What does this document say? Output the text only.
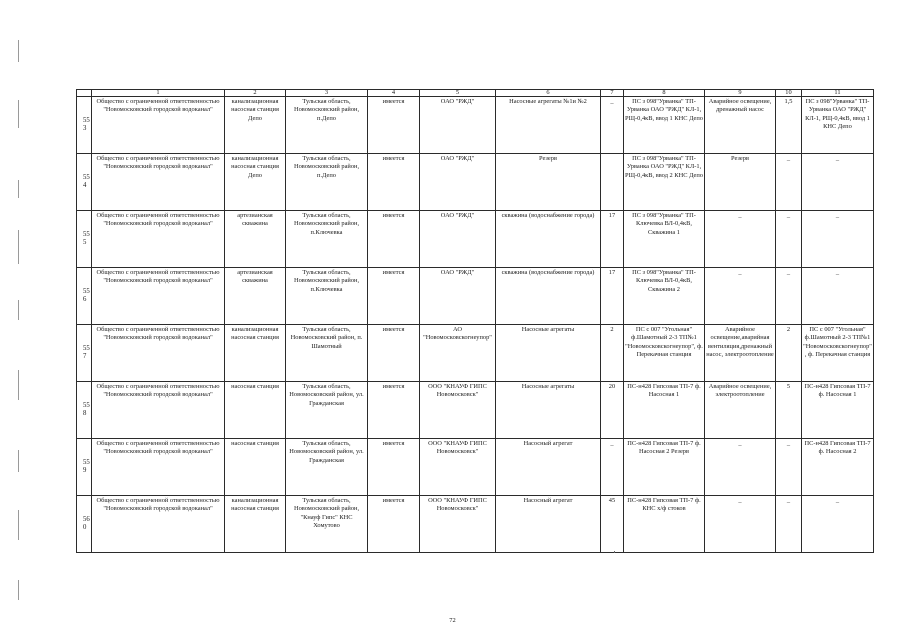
	1	2	3	4	5	6	7	8	9	10	11
553	Общество с ограниченной ответственностью "Новомосковский городской водоканал"	канализационная насосная станция Депо	Тульская область, Новомосковский район, п.Депо	имеется	ОАО "РЖД"	Насосные агрегаты №1и №2	_	ПС з 098"Урванка" ТП-Урванка ОАО "РЖД" КЛ-1, РЩ-0,4кВ, ввод 1 КНС Депо	Аварийное освещение, дренажный насос	1,5	ПС з 098"Урванка" ТП-Урванка ОАО "РЖД" КЛ-1, РЩ-0,4кВ, ввод 1 КНС Депо
554	Общество с ограниченной ответственностью "Новомосковский городской водоканал"	канализационная насосная станция Депо	Тульская область, Новомосковский район, п.Депо	имеется	ОАО "РЖД"	Резерв		ПС з 098"Урванка" ТП-Урванка ОАО "РЖД" КЛ-1, РЩ-0,4кВ, ввод 2 КНС Депо	Резерв	_	_
555	Общество с ограниченной ответственностью "Новомосковский городской водоканал"	артезианская скважина	Тульская область, Новомосковский район, п.Ключевка	имеется	ОАО "РЖД"	скважина (водоснабжение города)	17	ПС з 098"Урванка" ТП-Ключевка ВЛ-0,4кВ, Скважина 1	_	_	_
556	Общество с ограниченной ответственностью "Новомосковский городской водоканал"	артезианская скважина	Тульская область, Новомосковский район, п.Ключевка	имеется	ОАО "РЖД"	скважина (водоснабжение города)	17	ПС з 098"Урванка" ТП-Ключевка ВЛ-0,4кВ, Скважина 2	_	_	_
557	Общество с ограниченной ответственностью "Новомосковский городской водоканал"	канализационная насосная станция	Тульская область, Новомосковский район, п. Шамотный	имеется	АО "Новомосковскогнеупор"	Насосные агрегаты	2	ПС с 007 "Угольная" ф.Шамотный 2-3 ТП№1 "Новомосковскогнеупор", ф. Перекачная станция	Аварийное освещение,аварийная вентиляция,дренажный насос, электроотопление	2	ПС с 007 "Угольная" ф.Шамотный 2-3 ТП№1 "Новомосковскогнеупор", ф. Перекачная станция
558	Общество с ограниченной ответственностью "Новомосковский городской водоканал"	насосная станция	Тульская область, Новомосковский район, ул. Гражданская	имеется	ООО "КНАУФ ГИПС Новомосковск"	Насосные агрегаты	20	ПС-н428 Гипсовая ТП-7 ф. Насосная 1	Аварийное освещение, электроотопление	5	ПС-н428 Гипсовая ТП-7 ф. Насосная 1
559	Общество с ограниченной ответственностью "Новомосковский городской водоканал"	насосная станция	Тульская область, Новомосковский район, ул. Гражданская	имеется	ООО "КНАУФ ГИПС Новомосковск"	Насосный агрегат	_	ПС-н428 Гипсовая ТП-7 ф. Насосная 2 Резерв	_	_	ПС-н428 Гипсовая ТП-7 ф. Насосная 2
560	Общество с ограниченной ответственностью "Новомосковский городской водоканал"	канализационная насосная станция	Тульская область, Новомосковский район, "Кнауф Гипс" КНС Хомутово	имеется	ООО "КНАУФ ГИПС Новомосковск"	Насосный агрегат	45	ПС-н428 Гипсовая ТП-7 ф. КНС х/ф стоков	_	_	_
72
